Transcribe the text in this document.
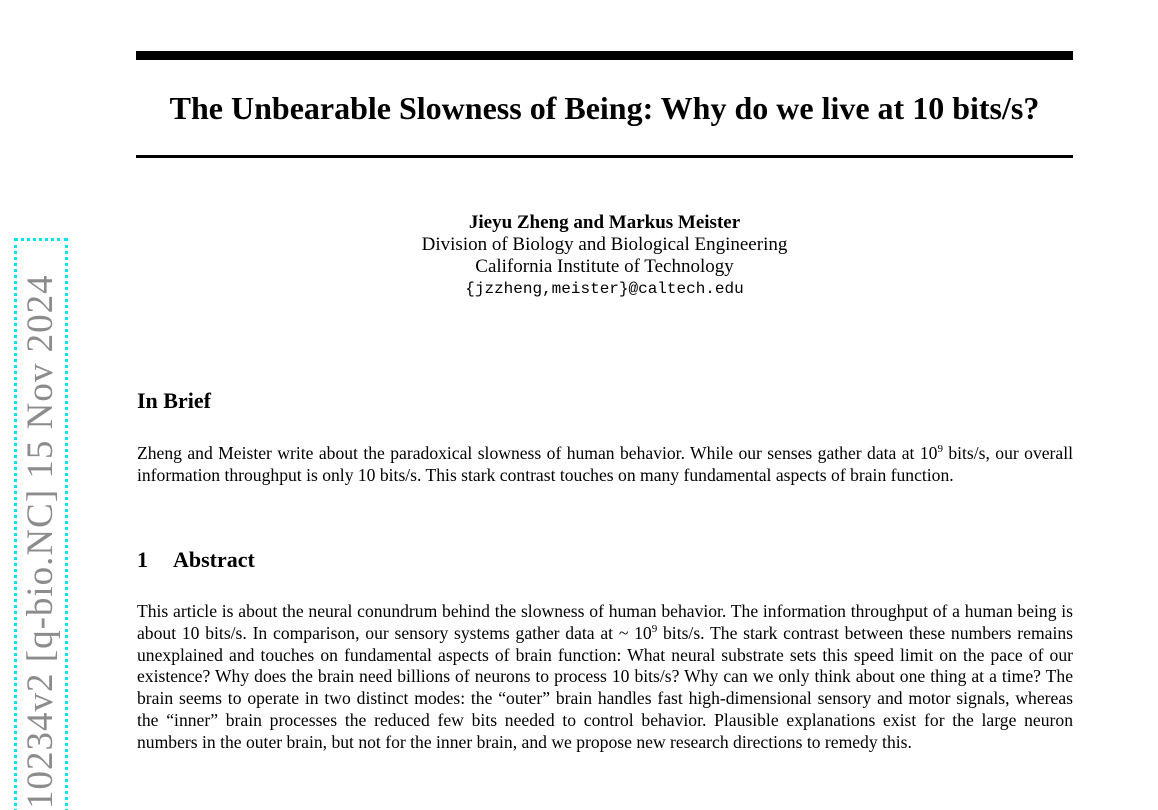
10234v2 [q-bio.NC] 15 Nov 2024
The Unbearable Slowness of Being: Why do we live at 10 bits/s?
Jieyu Zheng and Markus Meister
Division of Biology and Biological Engineering
California Institute of Technology
{jzzheng,meister}@caltech.edu
In Brief

Zheng and Meister write about the paradoxical slowness of human behavior. While our senses gather data at $10^9$ bits/s, our overall information throughput is only 10 bits/s. This stark contrast touches on many fundamental aspects of brain function.

1 Abstract

This article is about the neural conundrum behind the slowness of human behavior. The information throughput of a human being is about 10 bits/s. In comparison, our sensory systems gather data at ~ $10^9$ bits/s. The stark contrast between these numbers remains unexplained and touches on fundamental aspects of brain function: What neural substrate sets this speed limit on the pace of our existence? Why does the brain need billions of neurons to process 10 bits/s? Why can we only think about one thing at a time? The brain seems to operate in two distinct modes: the “outer” brain handles fast high-dimensional sensory and motor signals, whereas the “inner” brain processes the reduced few bits needed to control behavior. Plausible explanations exist for the large neuron numbers in the outer brain, but not for the inner brain, and we propose new research directions to remedy this.
